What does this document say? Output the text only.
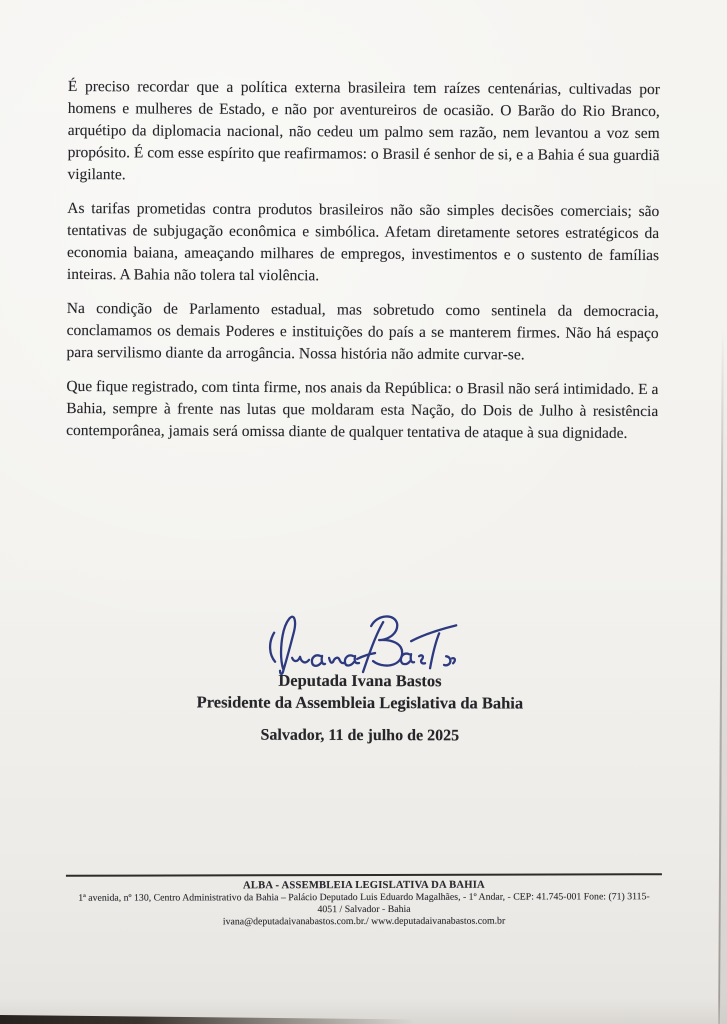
É preciso recordar que a política externa brasileira tem raízes centenárias, cultivadas por homens e mulheres de Estado, e não por aventureiros de ocasião. O Barão do Rio Branco, arquétipo da diplomacia nacional, não cedeu um palmo sem razão, nem levantou a voz sem propósito. É com esse espírito que reafirmamos: o Brasil é senhor de si, e a Bahia é sua guardiã vigilante.

As tarifas prometidas contra produtos brasileiros não são simples decisões comerciais; são tentativas de subjugação econômica e simbólica. Afetam diretamente setores estratégicos da economia baiana, ameaçando milhares de empregos, investimentos e o sustento de famílias inteiras. A Bahia não tolera tal violência.

Na condição de Parlamento estadual, mas sobretudo como sentinela da democracia, conclamamos os demais Poderes e instituições do país a se manterem firmes. Não há espaço para servilismo diante da arrogância. Nossa história não admite curvar-se.

Que fique registrado, com tinta firme, nos anais da República: o Brasil não será intimidado. E a Bahia, sempre à frente nas lutas que moldaram esta Nação, do Dois de Julho à resistência contemporânea, jamais será omissa diante de qualquer tentativa de ataque à sua dignidade.

Deputada Ivana Bastos
Presidente da Assembleia Legislativa da Bahia
Salvador, 11 de julho de 2025
ALBA - ASSEMBLEIA LEGISLATIVA DA BAHIA
1ª avenida, nº 130, Centro Administrativo da Bahia – Palácio Deputado Luis Eduardo Magalhães, - 1º Andar, - CEP: 41.745-001 Fone: (71) 3115-
4051 / Salvador - Bahia
ivana@deputadaivanabastos.com.br./ www.deputadaivanabastos.com.br
